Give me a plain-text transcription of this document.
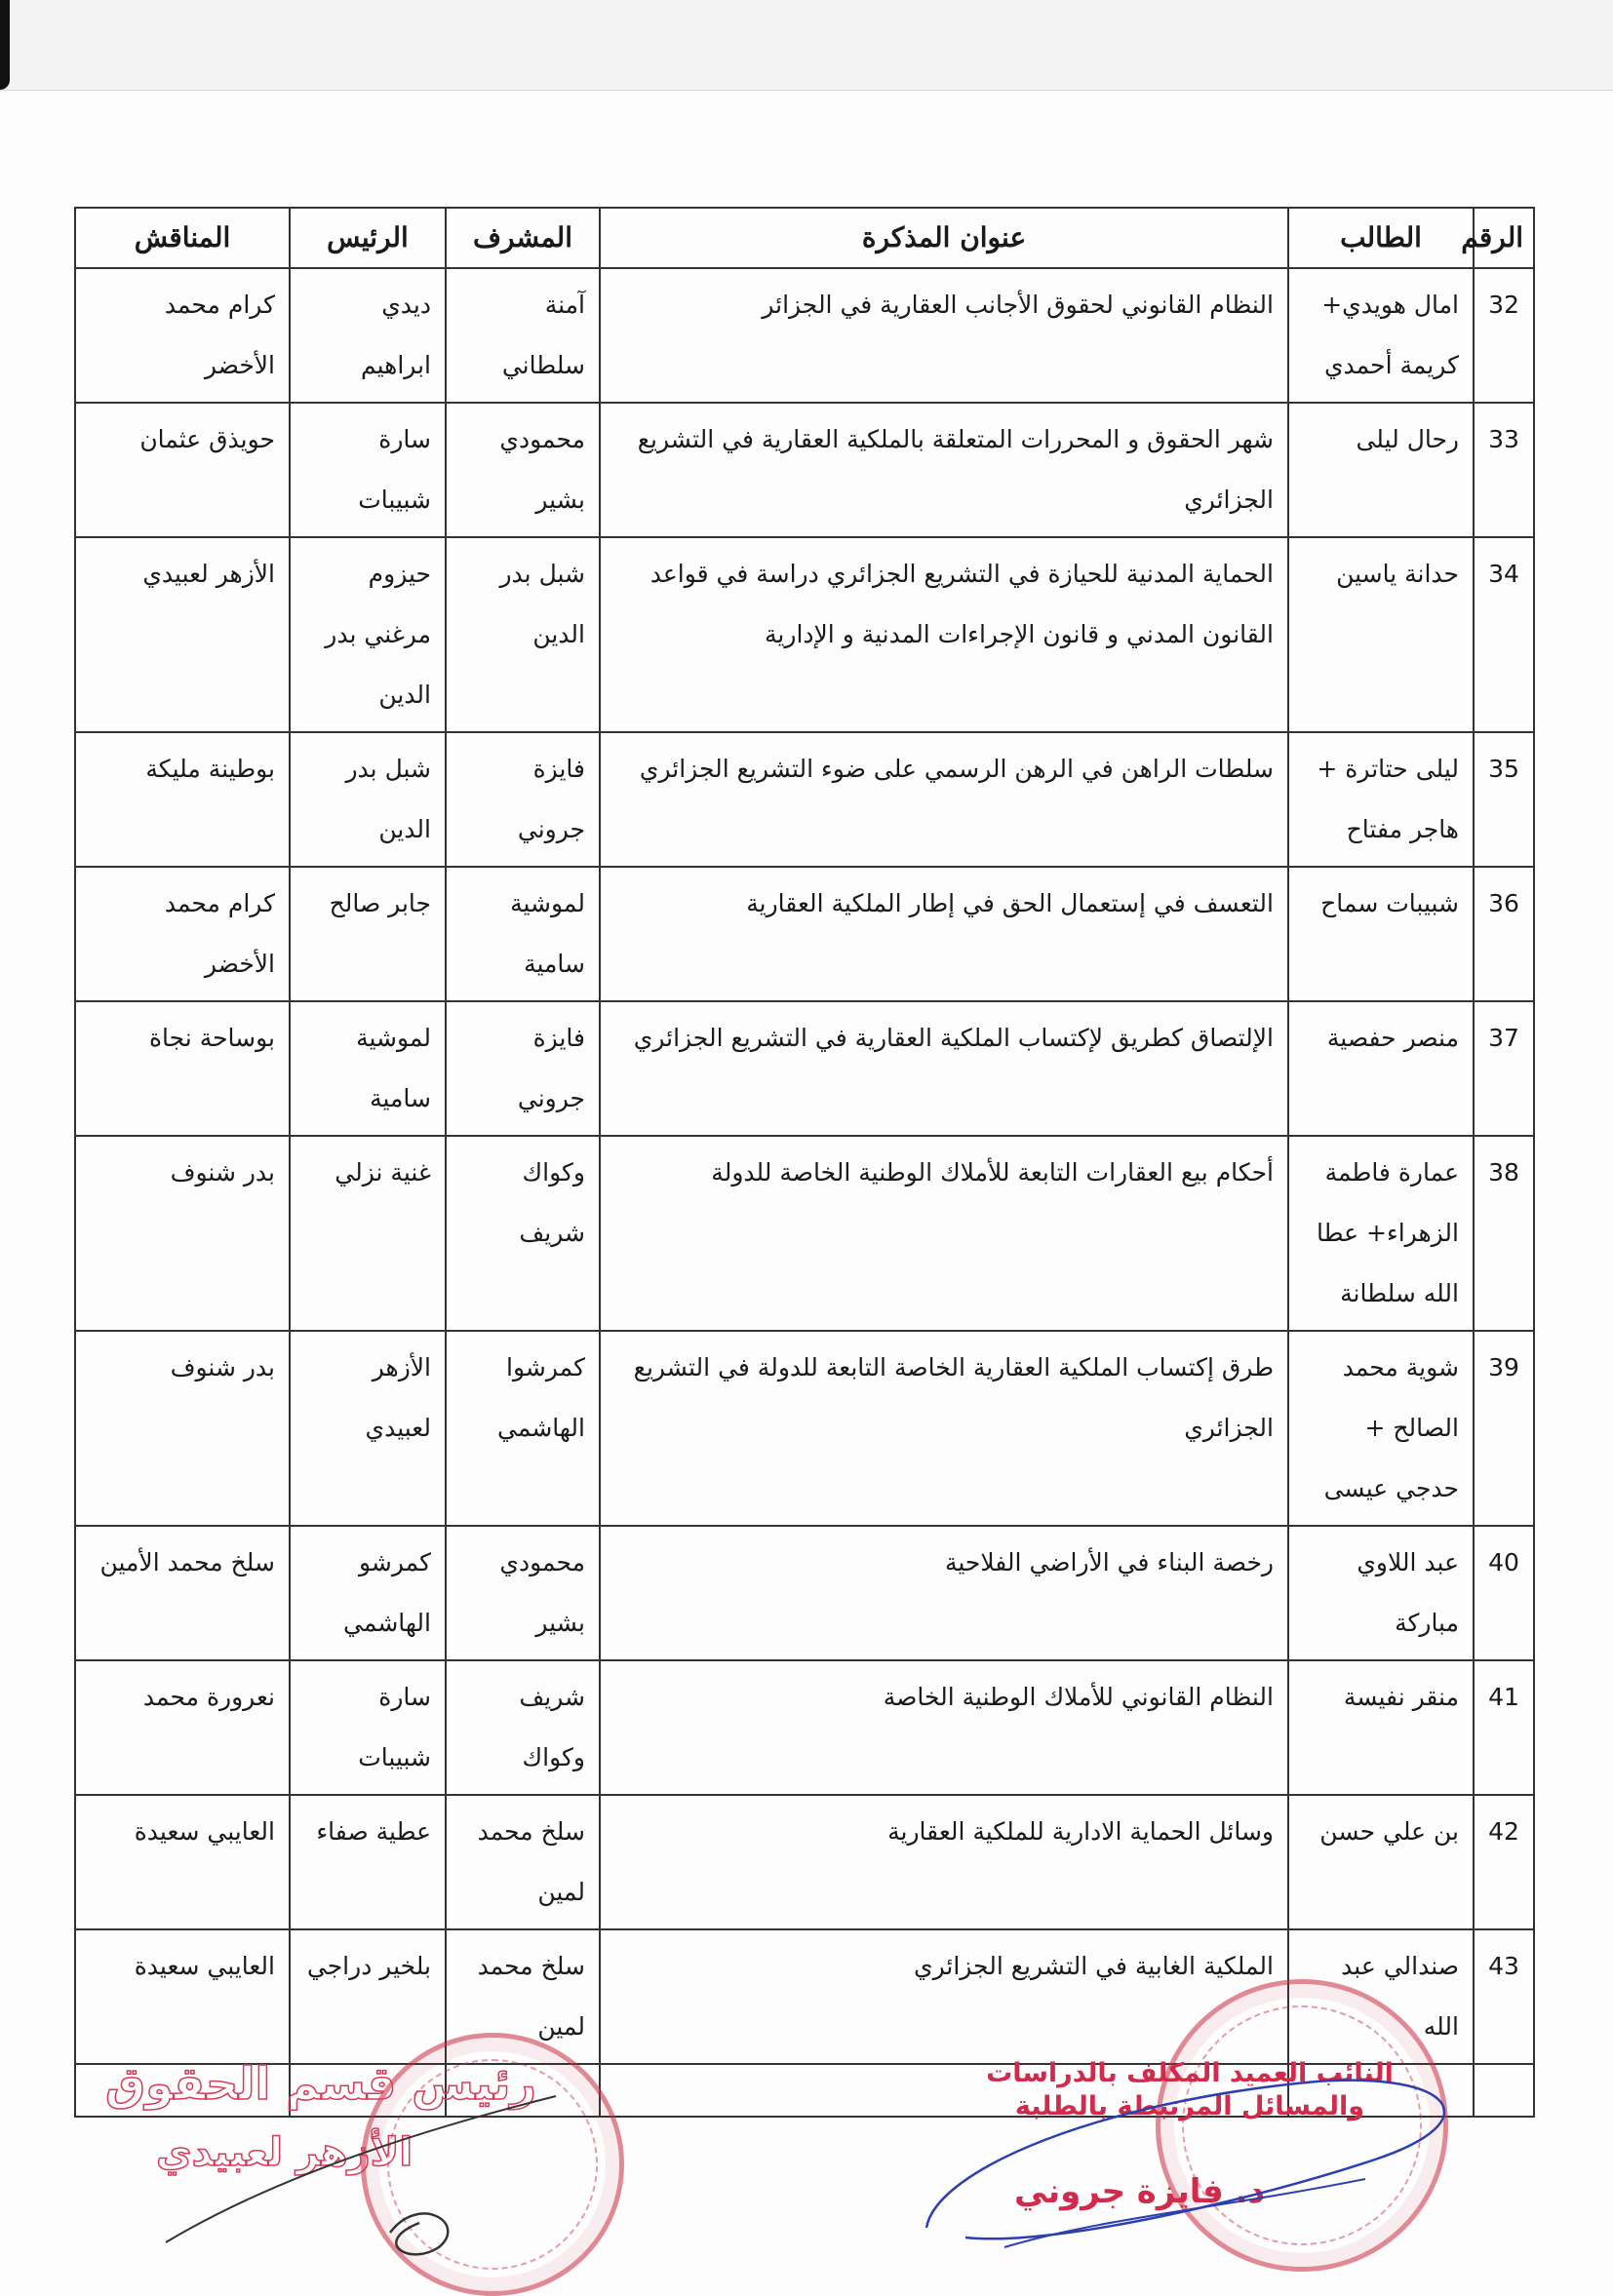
الرقم	الطالب	عنوان المذكرة	المشرف	الرئيس	المناقش
32	امال هويدي+ كريمة أحمدي	النظام القانوني لحقوق الأجانب العقارية في الجزائر	آمنة سلطاني	ديدي ابراهيم	كرام محمد الأخضر
33	رحال ليلى	شهر الحقوق و المحررات المتعلقة بالملكية العقارية في التشريع الجزائري	محمودي بشير	سارة شبيبات	حويذق عثمان
34	حدانة ياسين	الحماية المدنية للحيازة في التشريع الجزائري دراسة في قواعد القانون المدني و قانون الإجراءات المدنية و الإدارية	شبل بدر الدين	حيزوم مرغني بدر الدين	الأزهر لعبيدي
35	ليلى حتاترة + هاجر مفتاح	سلطات الراهن في الرهن الرسمي على ضوء التشريع الجزائري	فايزة جروني	شبل بدر الدين	بوطينة مليكة
36	شبيبات سماح	التعسف في إستعمال الحق في إطار الملكية العقارية	لموشية سامية	جابر صالح	كرام محمد الأخضر
37	منصر حفصية	الإلتصاق كطريق لإكتساب الملكية العقارية في التشريع الجزائري	فايزة جروني	لموشية سامية	بوساحة نجاة
38	عمارة فاطمة الزهراء+ عطا الله سلطانة	أحكام بيع العقارات التابعة للأملاك الوطنية الخاصة للدولة	وكواك شريف	غنية نزلي	بدر شنوف
39	شوية محمد الصالح + حدجي عيسى	طرق إكتساب الملكية العقارية الخاصة التابعة للدولة في التشريع الجزائري	كمرشوا الهاشمي	الأزهر لعبيدي	بدر شنوف
40	عبد اللاوي مباركة	رخصة البناء في الأراضي الفلاحية	محمودي بشير	كمرشو الهاشمي	سلخ محمد الأمين
41	منقر نفيسة	النظام القانوني للأملاك الوطنية الخاصة	شريف وكواك	سارة شبيبات	نعرورة محمد
42	بن علي حسن	وسائل الحماية الادارية للملكية العقارية	سلخ محمد لمين	عطية صفاء	العايبي سعيدة
43	صندالي عبد الله	الملكية الغابية في التشريع الجزائري	سلخ محمد لمين	بلخير دراجي	العايبي سعيدة

رئيس قسم الحقوق
الأزهر لعبيدي
النائب العميد المكلف بالدراسات والمسائل المرتبطة بالطلبة
د. فايزة جروني
